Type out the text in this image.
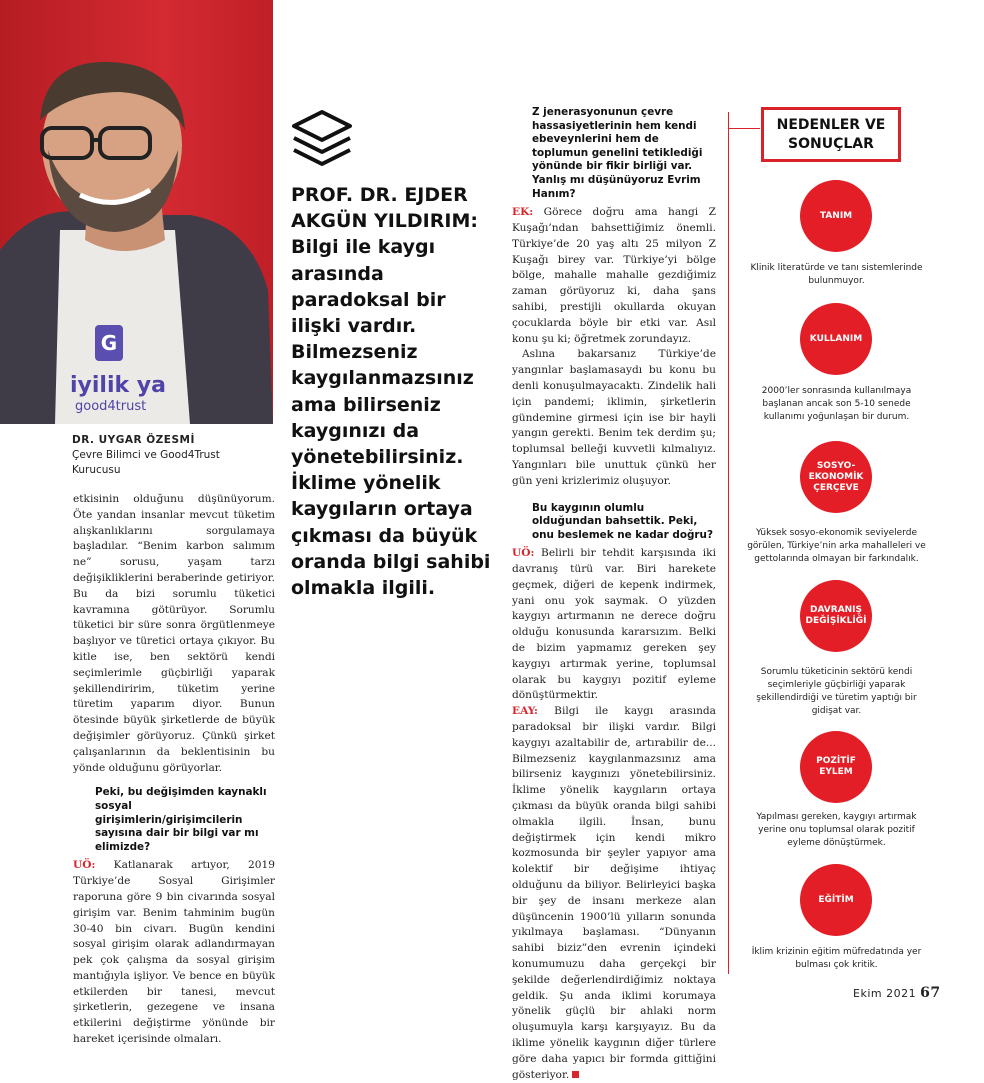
G
iyilik ya
good4trust
DR. UYGAR ÖZESMİ
Çevre Bilimci ve Good4Trust
Kurucusu
PROF. DR. EJDER AKGÜN YILDIRIM: Bilgi ile kaygı arasında paradoksal bir ilişki vardır. Bilmezseniz kaygılanmazsınız ama bilirseniz kaygınızı da yönetebilirsiniz. İklime yönelik kaygıların ortaya çıkması da büyük oranda bilgi sahibi olmakla ilgili.

etkisinin olduğunu düşünüyorum. Öte yandan insanlar mevcut tüketim alışkanlıklarını sorgulamaya başladılar. “Benim karbon salımım ne” sorusu, yaşam tarzı değişikliklerini beraberinde getiriyor. Bu da bizi sorumlu tüketici kavramına götürüyor. Sorumlu tüketici bir süre sonra örgütlenmeye başlıyor ve türetici ortaya çıkıyor. Bu kitle ise, ben sektörü kendi seçimlerimle güçbirliği yaparak şekillendiririm, tüketim yerine türetim yaparım diyor. Bunun ötesinde büyük şirketlerde de büyük değişimler görüyoruz. Çünkü şirket çalışanlarının da beklentisinin bu yönde olduğunu görüyorlar.

Peki, bu değişimden kaynaklı sosyal girişimlerin/girişimcilerin sayısına dair bir bilgi var mı elimizde?

UÖ: Katlanarak artıyor, 2019 Türkiye’de Sosyal Girişimler raporuna göre 9 bin civarında sosyal girişim var. Benim tahminim bugün 30-40 bin civarı. Bugün kendini sosyal girişim olarak adlandırmayan pek çok çalışma da sosyal girişim mantığıyla işliyor. Ve bence en büyük etkilerden bir tanesi, mevcut şirketlerin, gezegene ve insana etkilerini değiştirme yönünde bir hareket içerisinde olmaları.

Z jenerasyonunun çevre hassasiyetlerinin hem kendi ebeveynlerini hem de toplumun genelini tetiklediği yönünde bir fikir birliği var. Yanlış mı düşünüyoruz Evrim Hanım?

EK: Görece doğru ama hangi Z Kuşağı’ndan bahsettiğimiz önemli. Türkiye’de 20 yaş altı 25 milyon Z Kuşağı birey var. Türkiye’yi bölge bölge, mahalle mahalle gezdiğimiz zaman görüyoruz ki, daha şans sahibi, prestijli okullarda okuyan çocuklarda böyle bir etki var. Asıl konu şu ki; öğretmek zorundayız.

Aslına bakarsanız Türkiye’de yangınlar başlamasaydı bu konu bu denli konuşulmayacaktı. Zindelik hali için pandemi; iklimin, şirketlerin gündemine girmesi için ise bir hayli yangın gerekti. Benim tek derdim şu; toplumsal belleği kuvvetli kılmalıyız. Yangınları bile unuttuk çünkü her gün yeni krizlerimiz oluşuyor.

Bu kaygının olumlu olduğundan bahsettik. Peki, onu beslemek ne kadar doğru?

UÖ: Belirli bir tehdit karşısında iki davranış türü var. Biri harekete geçmek, diğeri de kepenk indirmek, yani onu yok saymak. O yüzden kaygıyı artırmanın ne derece doğru olduğu konusunda kararsızım. Belki de bizim yapmamız gereken şey kaygıyı artırmak yerine, toplumsal olarak bu kaygıyı pozitif eyleme dönüştürmektir.

EAY: Bilgi ile kaygı arasında paradoksal bir ilişki vardır. Bilgi kaygıyı azaltabilir de, artırabilir de... Bilmezseniz kaygılanmazsınız ama bilirseniz kaygınızı yönetebilirsiniz. İklime yönelik kaygıların ortaya çıkması da büyük oranda bilgi sahibi olmakla ilgili. İnsan, bunu değiştirmek için kendi mikro kozmosunda bir şeyler yapıyor ama kolektif bir değişime ihtiyaç olduğunu da biliyor. Belirleyici başka bir şey de insanı merkeze alan düşüncenin 1900’lü yılların sonunda yıkılmaya başlaması. “Dünyanın sahibi biziz”den evrenin içindeki konumumuzu daha gerçekçi bir şekilde değerlendirdiğimiz noktaya geldik. Şu anda iklimi korumaya yönelik güçlü bir ahlaki norm oluşumuyla karşı karşıyayız. Bu da iklime yönelik kaygının diğer türlere göre daha yapıcı bir formda gittiğini gösteriyor.

NEDENLER VE
SONUÇLAR
TANIM
Klinik literatürde ve tanı sistemlerinde bulunmuyor.
KULLANIM
2000’ler sonrasında kullanılmaya başlanan ancak son 5-10 senede kullanımı yoğunlaşan bir durum.
SOSYO-EKONOMİK ÇERÇEVE
Yüksek sosyo-ekonomik seviyelerde görülen, Türkiye’nin arka mahalleleri ve gettolarında olmayan bir farkındalık.
DAVRANIŞ DEĞİŞİKLİĞİ
Sorumlu tüketicinin sektörü kendi seçimleriyle güçbirliği yaparak şekillendirdiği ve türetim yaptığı bir gidişat var.
POZİTİF EYLEM
Yapılması gereken, kaygıyı artırmak yerine onu toplumsal olarak pozitif eyleme dönüştürmek.
EĞİTİM
İklim krizinin eğitim müfredatında yer bulması çok kritik.
Ekim 2021 67
